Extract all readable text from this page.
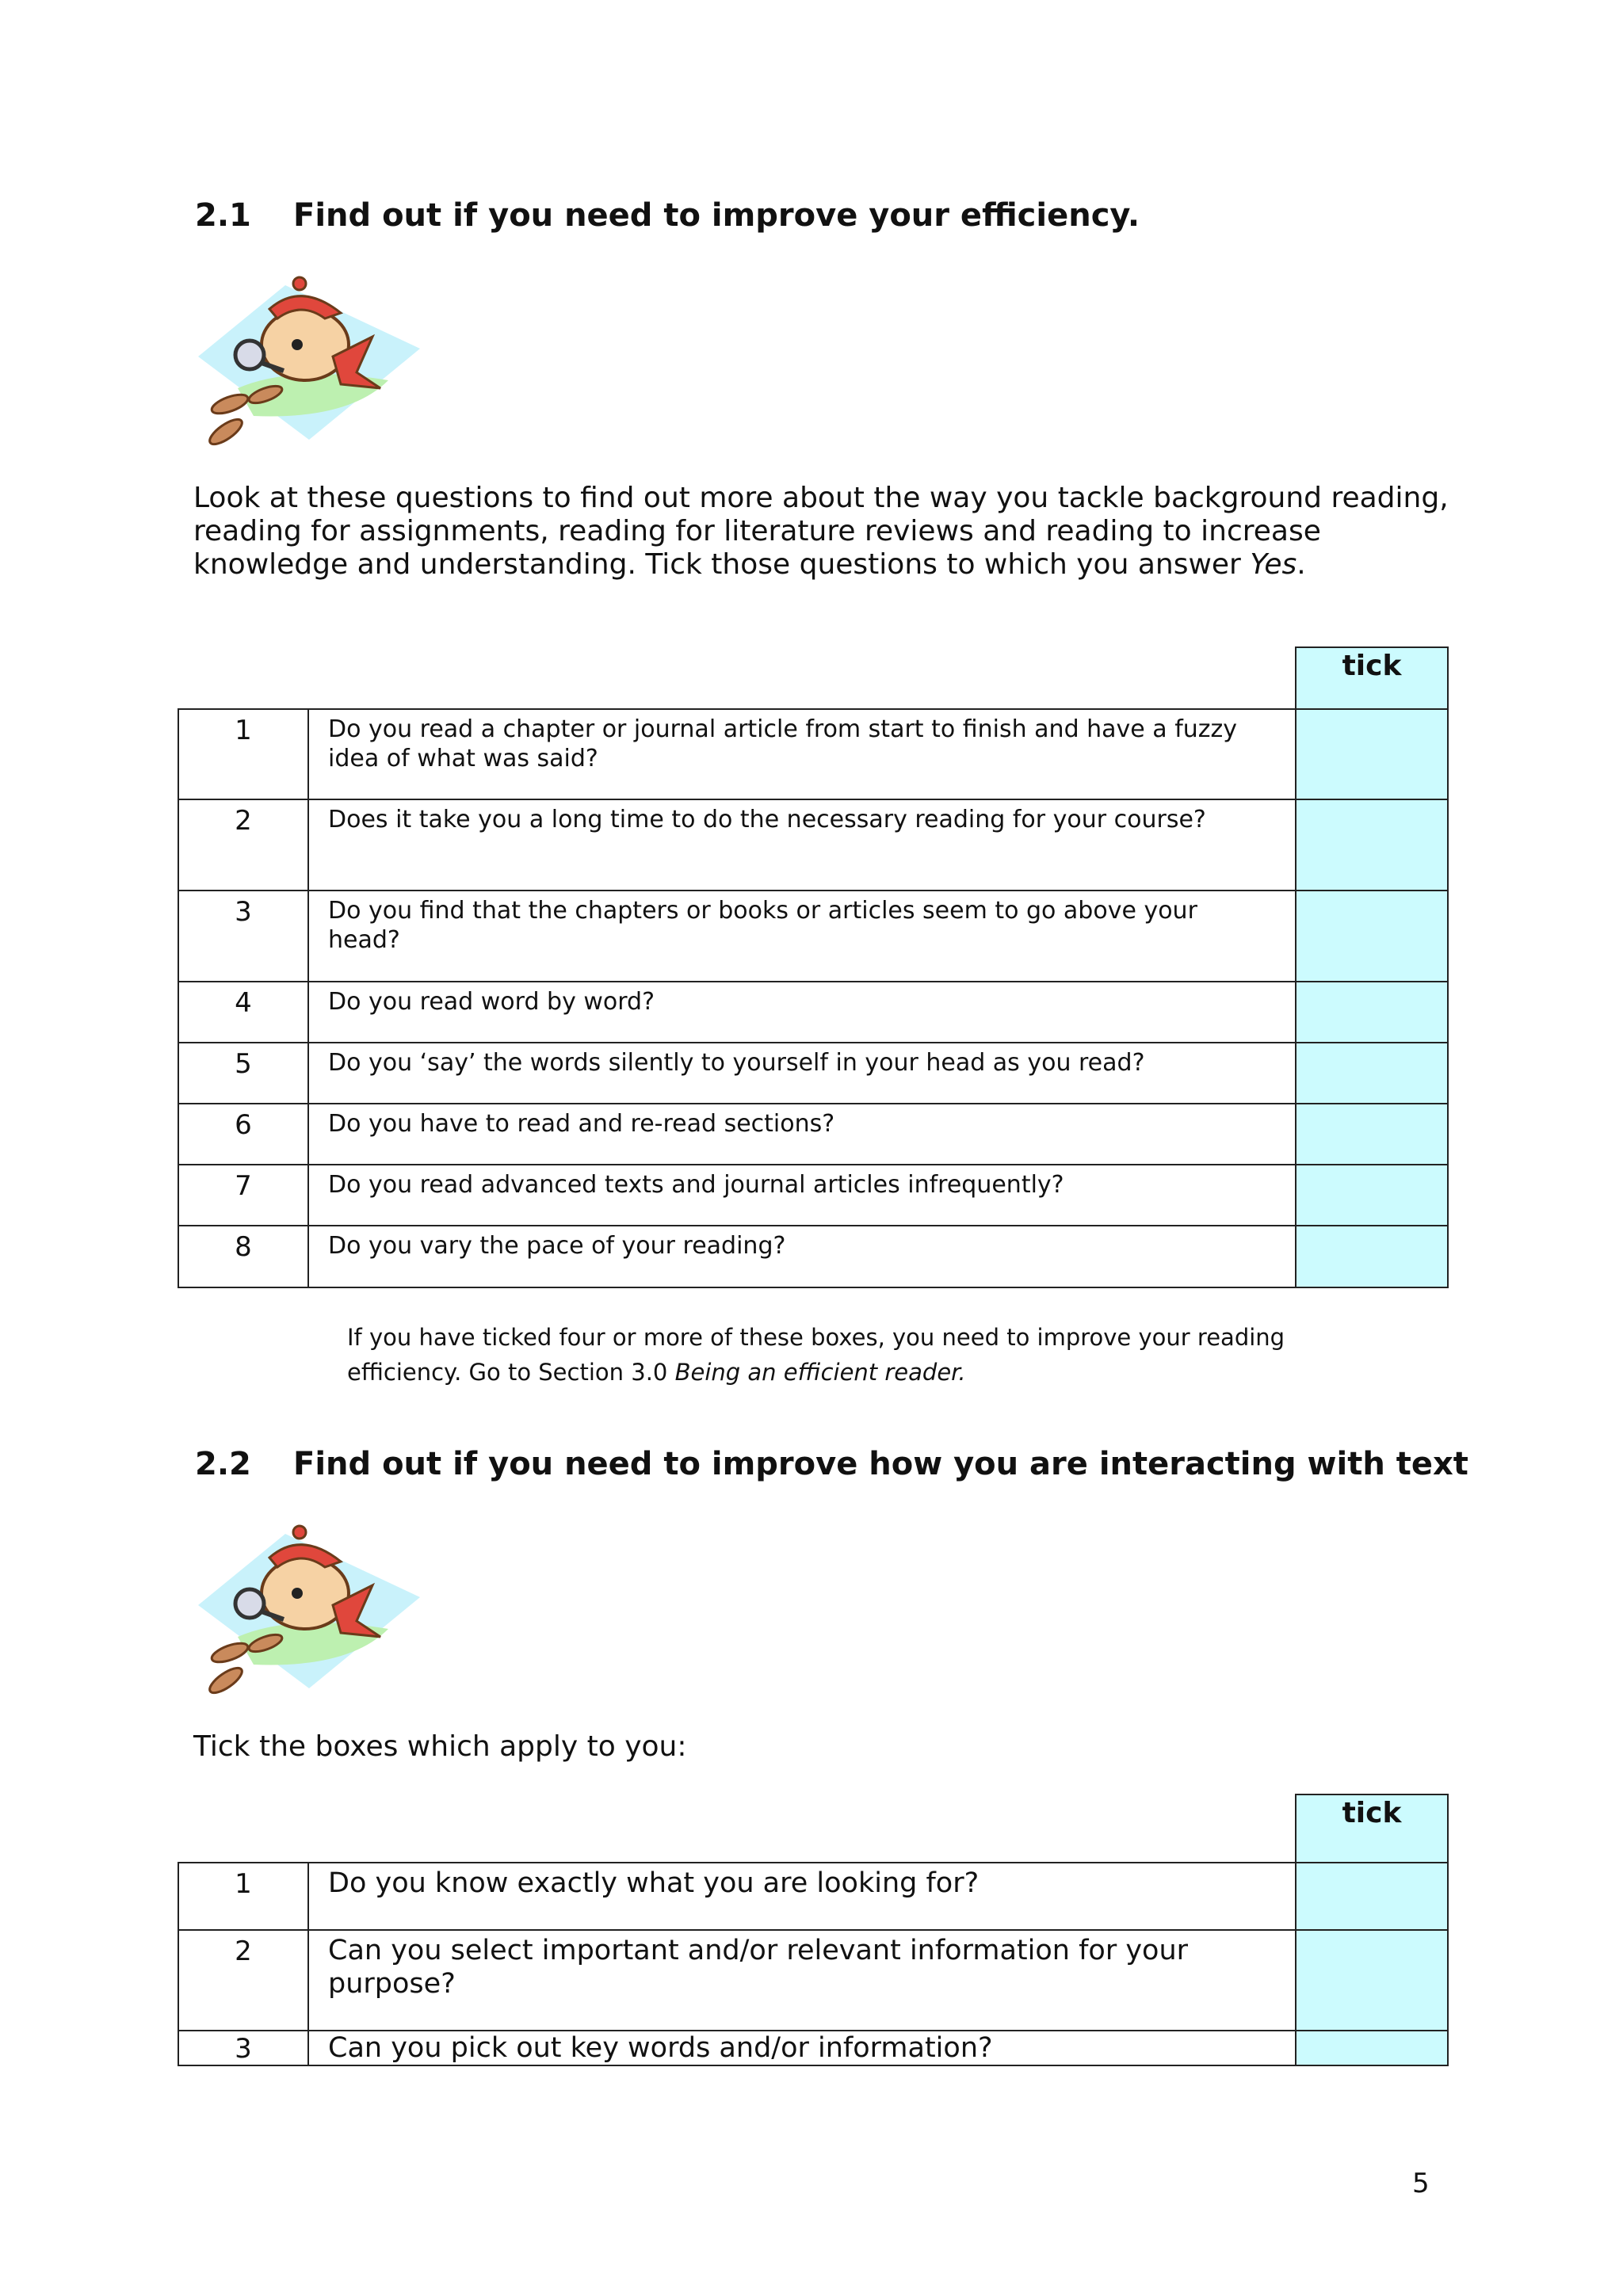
2.1 Find out if you need to improve your efficiency.

Look at these questions to find out more about the way you tackle background reading, reading for assignments, reading for literature reviews and reading to increase knowledge and understanding. Tick those questions to which you answer Yes.

		tick
1	Do you read a chapter or journal article from start to finish and have a fuzzy idea of what was said?	
2	Does it take you a long time to do the necessary reading for your course?	
3	Do you find that the chapters or books or articles seem to go above your head?	
4	Do you read word by word?	
5	Do you ‘say’ the words silently to yourself in your head as you read?	
6	Do you have to read and re-read sections?	
7	Do you read advanced texts and journal articles infrequently?	
8	Do you vary the pace of your reading?	
If you have ticked four or more of these boxes, you need to improve your reading efficiency. Go to Section 3.0 Being an efficient reader.
2.2 Find out if you need to improve how you are interacting with text
Tick the boxes which apply to you:
		tick
1	Do you know exactly what you are looking for?	
2	Can you select important and/or relevant information for your purpose?	
3	Can you pick out key words and/or information?	
5
